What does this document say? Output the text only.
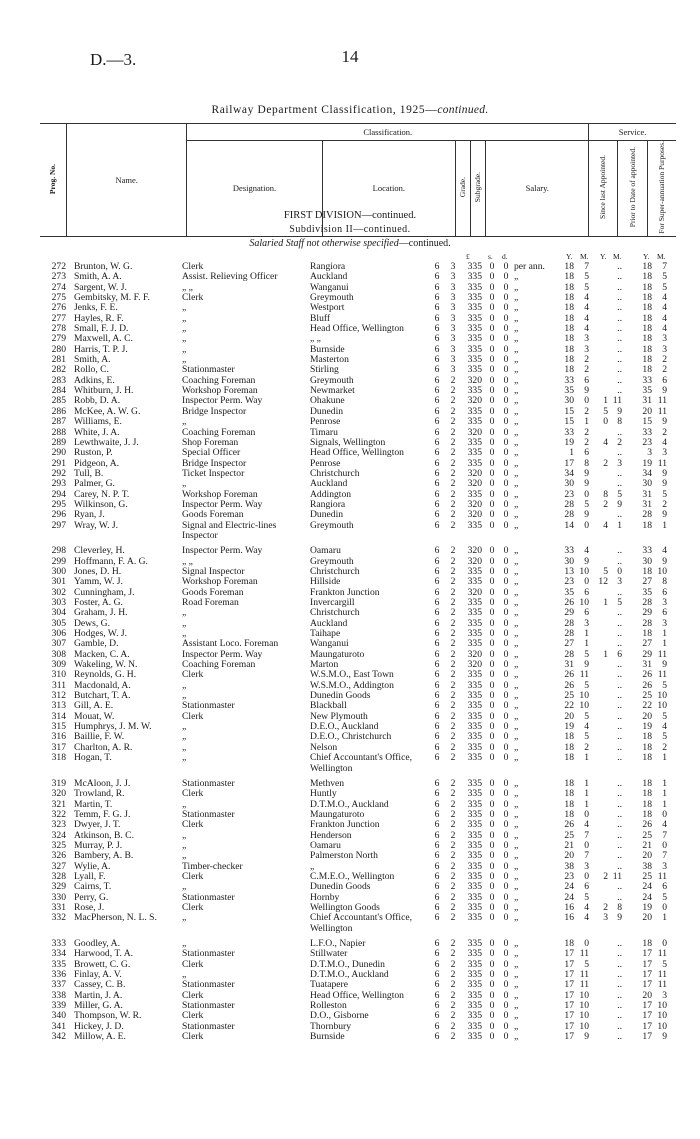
D.—3.	14
Railway Department Classification, 1925—continued.
Prog. No.	Name.	Classification.					Service.		
		Designation.	Location.	Grade.	Subgrade.	Salary.	Since last Appointed.	Prior to Date of appointed.	For Super-annuation Purposes.
FIRST DIVISION—continued.
Subdivision II—continued.
Salaried Staff not otherwise specified—continued.
£ s. d.	Y. M. Y. M.	Y. M.
272 Brunton, W. G.	Clerk	Rangiora	6 3	335 0 0 per ann.	18	7	..	18	7
273 Smith, A. A.	Assist. Relieving Officer	Auckland	6 3	335 0 0 „	18	5	..	18	5
274 Sargent, W. J.	„ „	Wanganui	6 3	335 0 0 „	18	5	..	18	5
275 Gembitsky, M. F. F.	Clerk	Greymouth	6 3	335 0 0 „	18	4	..	18	4
276 Jenks, F. E.	„	Westport	6 3	335 0 0 „	18	4	..	18	4
277 Hayles, R. F.	„	Bluff	6 3	335 0 0 „	18	4	..	18	4
278 Small, F. J. D.	„	Head Office, Wellington	6 3	335 0 0 „	18	4	..	18	4
279 Maxwell, A. C.	„	„ „	6 3	335 0 0 „	18	3	..	18	3
280 Harris, T. P. J.	„	Burnside	6 3	335 0 0 „	18	3	..	18	3
281 Smith, A.	„	Masterton	6 3	335 0 0 „	18	2	..	18	2
282 Rollo, C.	Stationmaster	Stirling	6 3	335 0 0 „	18	2	..	18	2
283 Adkins, E.	Coaching Foreman	Greymouth	6 2	320 0 0 „	33	6	..	33	6
284 Whitburn, J. H.	Workshop Foreman	Newmarket	6 2	335 0 0 „	35	9	..	35	9
285 Robb, D. A.	Inspector Perm. Way	Ohakune	6 2	320 0 0 „	30	0	1 11	31 11
286 McKee, A. W. G.	Bridge Inspector	Dunedin	6 2	335 0 0 „	15	2	5 9	20 11
287 Williams, E.	„	Penrose	6 2	335 0 0 „	15	1	0 8	15	9
288 White, J. A.	Coaching Foreman	Timaru	6 2	320 0 0 „	33	2	..	33	2
289 Lewthwaite, J. J.	Shop Foreman	Signals, Wellington	6 2	335 0 0 „	19	2	4 2	23	4
290 Ruston, P.	Special Officer	Head Office, Wellington	6 2	335 0 0 „	1	6	..	3	3
291 Pidgeon, A.	Bridge Inspector	Penrose	6 2	335 0 0 „	17	8	2 3	19 11
292 Tull, B.	Ticket Inspector	Christchurch	6 2	320 0 0 „	34	9	..	34	9
293 Palmer, G.	„	Auckland	6 2	320 0 0 „	30	9	..	30	9
294 Carey, N. P. T.	Workshop Foreman	Addington	6 2	335 0 0 „	23	0	8 5	31	5
295 Wilkinson, G.	Inspector Perm. Way	Rangiora	6 2	320 0 0 „	28	5	2 9	31	2
296 Ryan, J.	Goods Foreman	Dunedin	6 2	320 0 0 „	28	9	..	28	9
297 Wray, W. J.	Signal and Electric-lines	Greymouth	6 2	335 0 0 „	14	0	4 1	18	1
Inspector
298 Cleverley, H.	Inspector Perm. Way	Oamaru	6 2	320 0 0 „	33	4	..	33	4
299 Hoffmann, F. A. G.	„ „	Greymouth	6 2	320 0 0 „	30	9	..	30	9
300 Jones, D. H.	Signal Inspector	Christchurch	6 2	335 0 0 „	13 10	5 0	18 10
301 Yamm, W. J.	Workshop Foreman	Hillside	6 2	335 0 0 „	23	0 12 3	27	8
302 Cunningham, J.	Goods Foreman	Frankton Junction	6 2	320 0 0 „	35	6	..	35	6
303 Foster, A. G.	Road Foreman	Invercargill	6 2	335 0 0 „	26 10	1 5	28	3
304 Graham, J. H.	„	Christchurch	6 2	335 0 0 „	29	6	..	29	6
305 Dews, G.	„	Auckland	6 2	335 0 0 „	28	3	..	28	3
306 Hodges, W. J.	„	Taihape	6 2	335 0 0 „	28	1	..	18	1
307 Gamble, D.	Assistant Loco. Foreman	Wanganui	6 2	335 0 0 „	27	1	..	27	1
308 Macken, C. A.	Inspector Perm. Way	Maungaturoto	6 2	320 0 0 „	28	5	1 6	29 11
309 Wakeling, W. N.	Coaching Foreman	Marton	6 2	320 0 0 „	31	9	..	31	9
310 Reynolds, G. H.	Clerk	W.S.M.O., East Town	6 2	335 0 0 „	26 11	..	26 11
311 Macdonald, A.	„	W.S.M.O., Addington	6 2	335 0 0 „	26	5	..	26	5
312 Butchart, T. A.	„	Dunedin Goods	6 2	335 0 0 „	25 10	..	25 10
313 Gill, A. E.	Stationmaster	Blackball	6 2	335 0 0 „	22 10	..	22 10
314 Mouat, W.	Clerk	New Plymouth	6 2	335 0 0 „	20	5	..	20	5
315 Humphrys, J. M. W.	„	D.E.O., Auckland	6 2	335 0 0 „	19	4	..	19	4
316 Baillie, F. W.	„	D.E.O., Christchurch	6 2	335 0 0 „	18	5	..	18	5
317 Charlton, A. R.	„	Nelson	6 2	335 0 0 „	18	2	..	18	2
318 Hogan, T.	„	Chief Accountant's Office,	6 2	335 0 0 „	18	1	..	18	1
Wellington
319 McAloon, J. J.	Stationmaster	Methven	6 2	335 0 0 „	18	1	..	18	1
320 Trowland, R.	Clerk	Huntly	6 2	335 0 0 „	18	1	..	18	1
321 Martin, T.	„	D.T.M.O., Auckland	6 2	335 0 0 „	18	1	..	18	1
322 Temm, F. G. J.	Stationmaster	Maungaturoto	6 2	335 0 0 „	18	0	..	18	0
323 Dwyer, J. T.	Clerk	Frankton Junction	6 2	335 0 0 „	26	4	..	26	4
324 Atkinson, B. C.	„	Henderson	6 2	335 0 0 „	25	7	..	25	7
325 Murray, P. J.	„	Oamaru	6 2	335 0 0 „	21	0	..	21	0
326 Bambery, A. B.	„	Palmerston North	6 2	335 0 0 „	20	7	..	20	7
327 Wylie, A.	Timber-checker	„	6 2	335 0 0 „	38	3	..	38	3
328 Lyall, F.	Clerk	C.M.E.O., Wellington	6 2	335 0 0 „	23	0	2 11	25 11
329 Cairns, T.	„	Dunedin Goods	6 2	335 0 0 „	24	6	..	24	6
330 Perry, G.	Stationmaster	Hornby	6 2	335 0 0 „	24	5	..	24	5
331 Rose, J.	Clerk	Wellington Goods	6 2	335 0 0 „	16	4	2 8	19	0
332 MacPherson, N. L. S.	„	Chief Accountant's Office,	6 2	335 0 0 „	16	4	3 9	20	1
Wellington
333 Goodley, A.	„	L.F.O., Napier	6 2	335 0 0 „	18	0	..	18	0
334 Harwood, T. A.	Stationmaster	Stillwater	6 2	335 0 0 „	17 11	..	17 11
335 Browett, C. G.	Clerk	D.T.M.O., Dunedin	6 2	335 0 0 „	17	5	..	17	5
336 Finlay, A. V.	„	D.T.M.O., Auckland	6 2	335 0 0 „	17 11	..	17 11
337 Cassey, C. B.	Stationmaster	Tuatapere	6 2	335 0 0 „	17 11	..	17 11
338 Martin, J. A.	Clerk	Head Office, Wellington	6 2	335 0 0 „	17 10	..	20	3
339 Miller, G. A.	Stationmaster	Rolleston	6 2	335 0 0 „	17 10	..	17 10
340 Thompson, W. R.	Clerk	D.O., Gisborne	6 2	335 0 0 „	17 10	..	17 10
341 Hickey, J. D.	Stationmaster	Thornbury	6 2	335 0 0 „	17 10	..	17 10
342 Millow, A. E.	Clerk	Burnside	6 2	335 0 0 „	17	9	..	17	9
